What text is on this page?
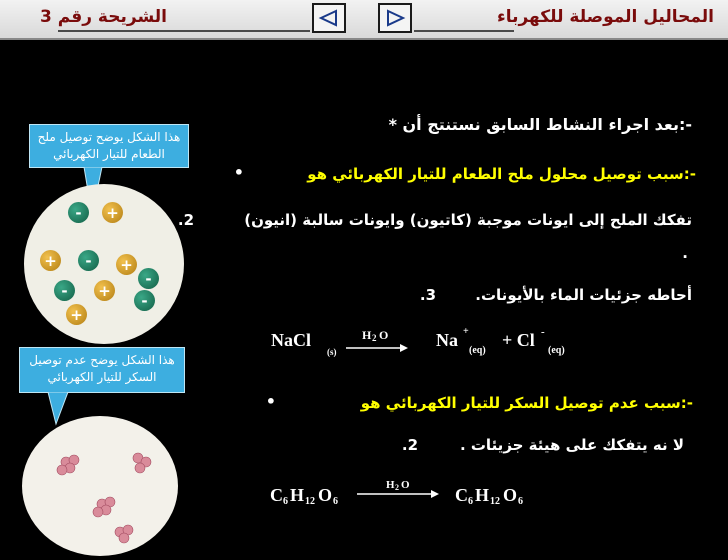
المحاليل الموصلة للكهرباء
الشريحة رقم 3
-:بعد اجراء النشاط السابق نستنتج أن *
-:سبب توصيل محلول ملح الطعام للتيار الكهربائي هو
•
تفكك الملح إلى ايونات موجبة (كاتيون) وايونات سالبة (انيون)
2.
.
أحاطه جزئيات الماء بالأيونات.
3.
NaCl
(s)
H 2 O	Na +
(eq)
+ Cl -
(eq)
-:سبب عدم توصيل السكر للتيار الكهربائي هو
•
لا نه يتفكك على هيئة جزيئات .
2.
C 6 H 12 O 6
H 2 O	C 6 H 12 O 6
هذا الشكل يوضح توصيل ملح الطعام للتيار الكهربائي
- +
+ - +
-
- +
-
+
هذا الشكل يوضح عدم توصيل السكر للتيار الكهربائي
